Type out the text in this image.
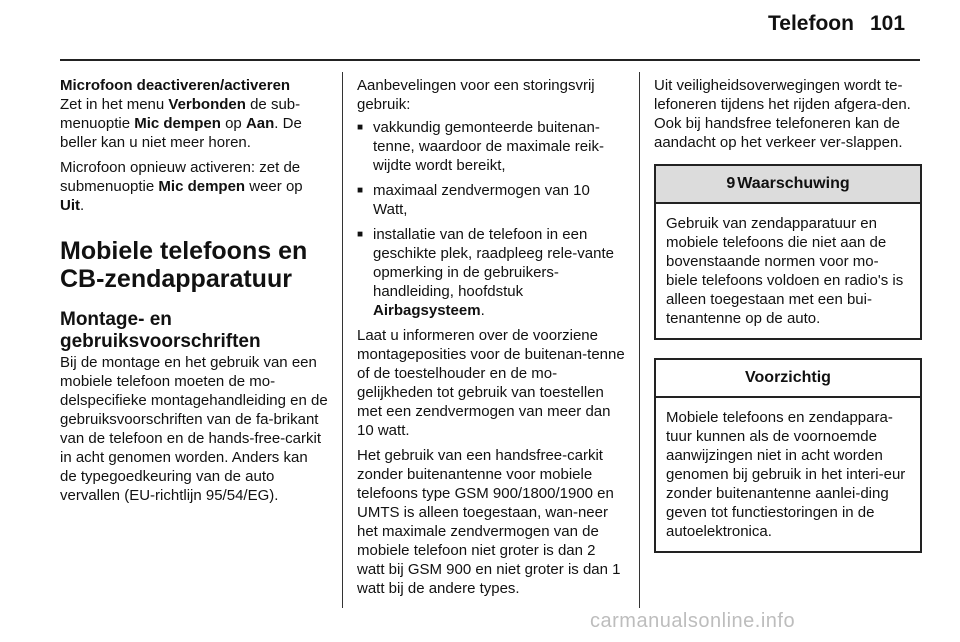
Telefoon 101

Microfoon deactiveren/activeren
Zet in het menu Verbonden de sub-menuoptie Mic dempen op Aan. De beller kan u niet meer horen.

Microfoon opnieuw activeren: zet de submenuoptie Mic dempen weer op Uit.

Mobiele telefoons en CB-zendapparatuur
Montage- en gebruiksvoorschriften

Bij de montage en het gebruik van een mobiele telefoon moeten de mo-delspecifieke montagehandleiding en de gebruiksvoorschriften van de fa-brikant van de telefoon en de hands-free-carkit in acht genomen worden. Anders kan de typegoedkeuring van de auto vervallen (EU-richtlijn 95/54/EG).

Aanbevelingen voor een storingsvrij gebruik:

■ vakkundig gemonteerde buitenan-tenne, waardoor de maximale reik-wijdte wordt bereikt,
■ maximaal zendvermogen van 10 Watt,
■ installatie van de telefoon in een geschikte plek, raadpleeg rele-vante opmerking in de gebruikers-handleiding, hoofdstuk Airbagsysteem.

Laat u informeren over de voorziene montageposities voor de buitenan-tenne of de toestelhouder en de mo-gelijkheden tot gebruik van toestellen met een zendvermogen van meer dan 10 watt.

Het gebruik van een handsfree-carkit zonder buitenantenne voor mobiele telefoons type GSM 900/1800/1900 en UMTS is alleen toegestaan, wan-neer het maximale zendvermogen van de mobiele telefoon niet groter is dan 2 watt bij GSM 900 en niet groter is dan 1 watt bij de andere types.

Uit veiligheidsoverwegingen wordt te-lefoneren tijdens het rijden afgera-den. Ook bij handsfree telefoneren kan de aandacht op het verkeer ver-slappen.

9 Waarschuwing
Gebruik van zendapparatuur en mobiele telefoons die niet aan de bovenstaande normen voor mo-biele telefoons voldoen en radio's is alleen toegestaan met een bui-tenantenne op de auto.
Voorzichtig
Mobiele telefoons en zendappara-tuur kunnen als de voornoemde aanwijzingen niet in acht worden genomen bij gebruik in het interi-eur zonder buitenantenne aanlei-ding geven tot functiestoringen in de autoelektronica.
carmanualsonline.info
